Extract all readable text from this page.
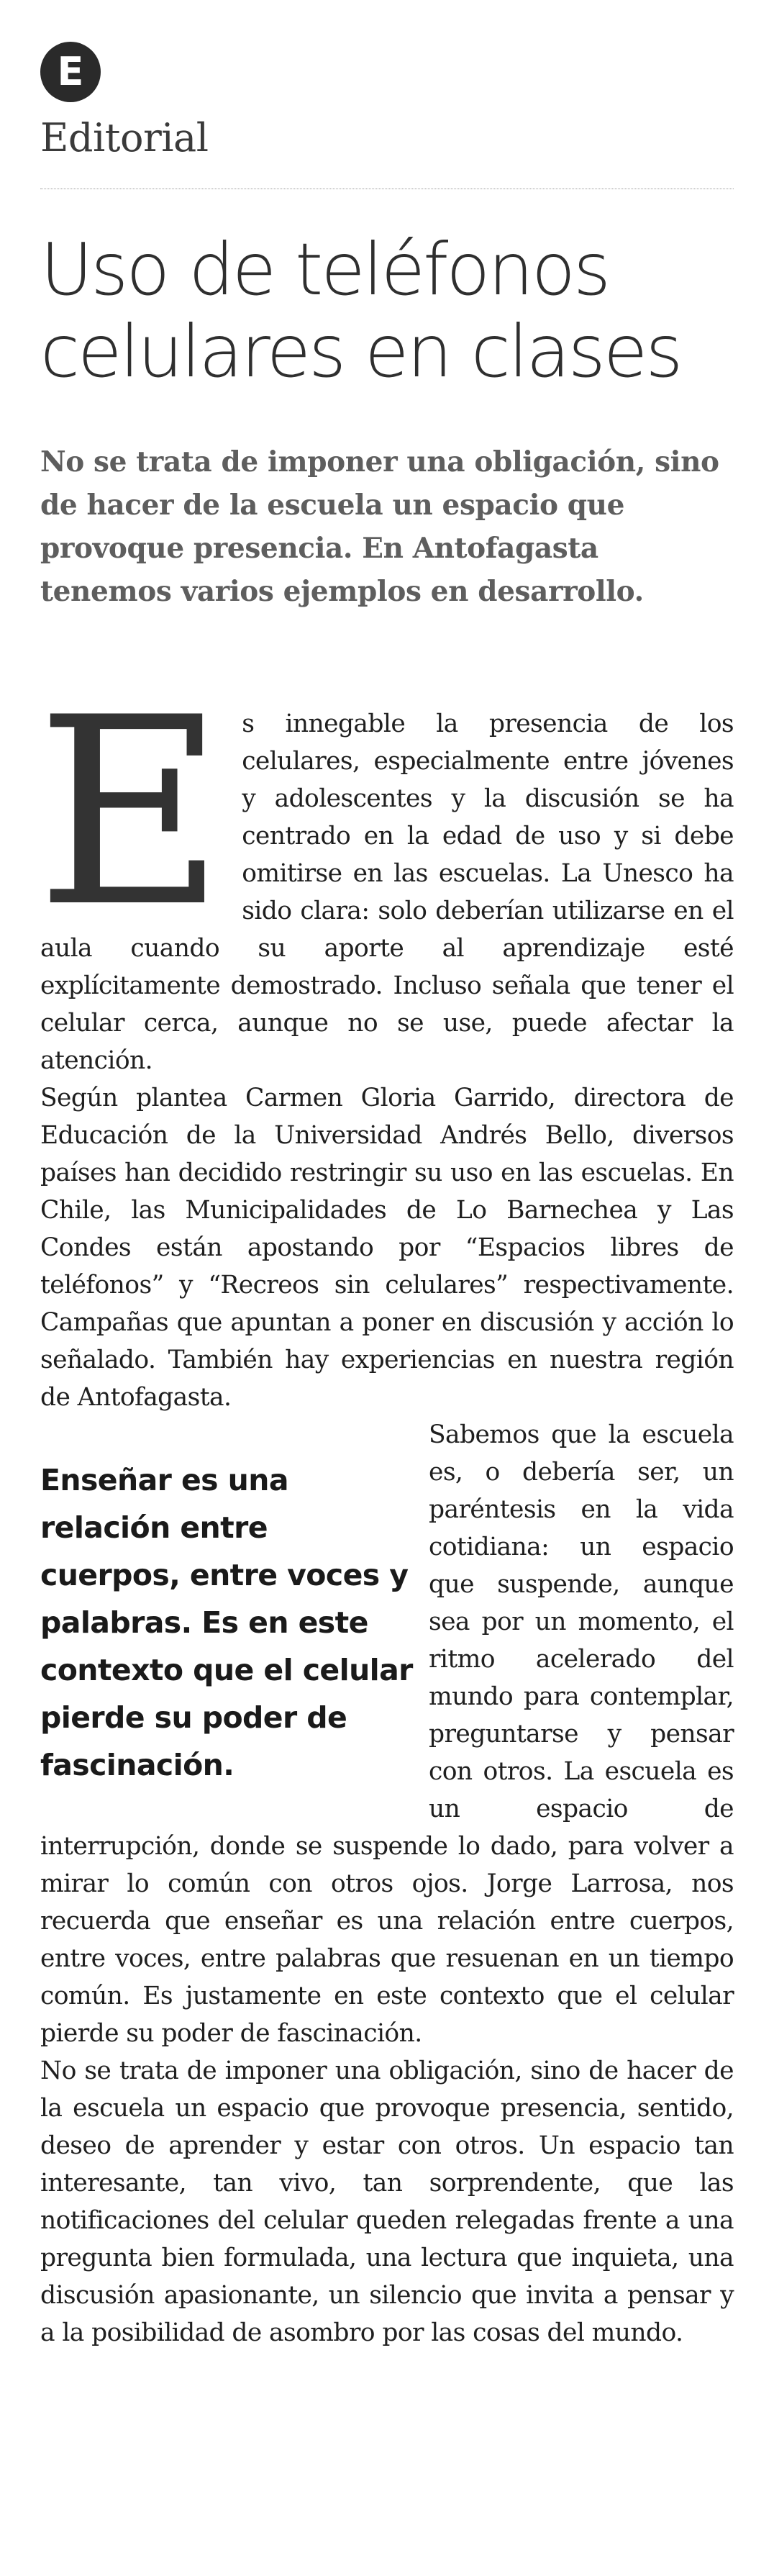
E
Editorial
Uso de teléfonos celulares en clases
No se trata de imponer una obligación, sino de hacer de la escuela un espacio que provoque presencia. En Antofagasta tenemos varios ejemplos en desarrollo.
E s innegable la presencia de los celulares, especialmente entre jóvenes y adolescentes y la discusión se ha centrado en la edad de uso y si debe omitirse en las escuelas. La Unesco ha sido clara: solo deberían utilizarse en el aula cuando su aporte al aprendizaje esté explícitamente demostrado. Incluso señala que tener el celular cerca, aunque no se use, puede afectar la atención.

Según plantea Carmen Gloria Garrido, directora de Educación de la Universidad Andrés Bello, diversos países han decidido restringir su uso en las escuelas. En Chile, las Municipalidades de Lo Barnechea y Las Condes están apostando por “Espacios libres de teléfonos” y “Recreos sin celulares” respectivamente. Campañas que apuntan a poner en discusión y acción lo señalado. También hay experiencias en nuestra región de Antofagasta.

Enseñar es una relación entre cuerpos, entre voces y palabras. Es en este contexto que el celular pierde su poder de fascinación.

Sabemos que la escuela es, o debería ser, un paréntesis en la vida cotidiana: un espacio que suspende, aunque sea por un momento, el ritmo acelerado del mundo para contemplar, preguntarse y pensar con otros. La escuela es un espacio de interrupción, donde se suspende lo dado, para volver a mirar lo común con otros ojos. Jorge Larrosa, nos recuerda que enseñar es una relación entre cuerpos, entre voces, entre palabras que resuenan en un tiempo común. Es justamente en este contexto que el celular pierde su poder de fascinación.

No se trata de imponer una obligación, sino de hacer de la escuela un espacio que provoque presencia, sentido, deseo de aprender y estar con otros. Un espacio tan interesante, tan vivo, tan sorprendente, que las notificaciones del celular queden relegadas frente a una pregunta bien formulada, una lectura que inquieta, una discusión apasionante, un silencio que invita a pensar y a la posibilidad de asombro por las cosas del mundo.
